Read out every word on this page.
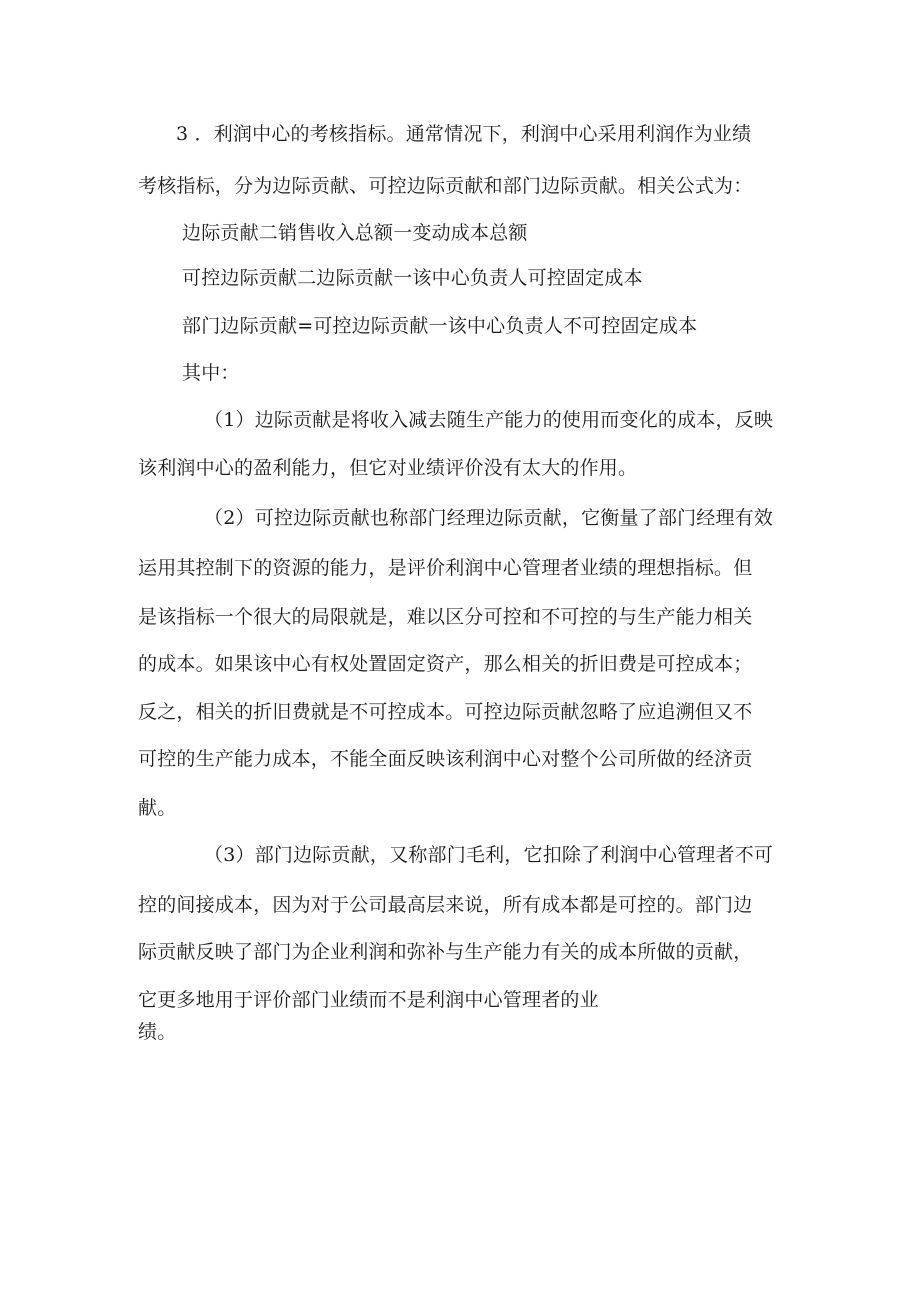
3 ．利润中心的考核指标。通常情况下，利润中心采用利润作为业绩
考核指标，分为边际贡献、可控边际贡献和部门边际贡献。相关公式为：
边际贡献二销售收入总额一变动成本总额
可控边际贡献二边际贡献一该中心负责人可控固定成本
部门边际贡献=可控边际贡献一该中心负责人不可控固定成本
其中：
（1）边际贡献是将收入减去随生产能力的使用而变化的成本，反映
该利润中心的盈利能力，但它对业绩评价没有太大的作用。
（2）可控边际贡献也称部门经理边际贡献，它衡量了部门经理有效
运用其控制下的资源的能力，是评价利润中心管理者业绩的理想指标。但
是该指标一个很大的局限就是，难以区分可控和不可控的与生产能力相关
的成本。如果该中心有权处置固定资产，那么相关的折旧费是可控成本；
反之，相关的折旧费就是不可控成本。可控边际贡献忽略了应追溯但又不
可控的生产能力成本，不能全面反映该利润中心对整个公司所做的经济贡
献。
（3）部门边际贡献，又称部门毛利，它扣除了利润中心管理者不可
控的间接成本，因为对于公司最高层来说，所有成本都是可控的。部门边
际贡献反映了部门为企业利润和弥补与生产能力有关的成本所做的贡献，
它更多地用于评价部门业绩而不是利润中心管理者的业
绩。
